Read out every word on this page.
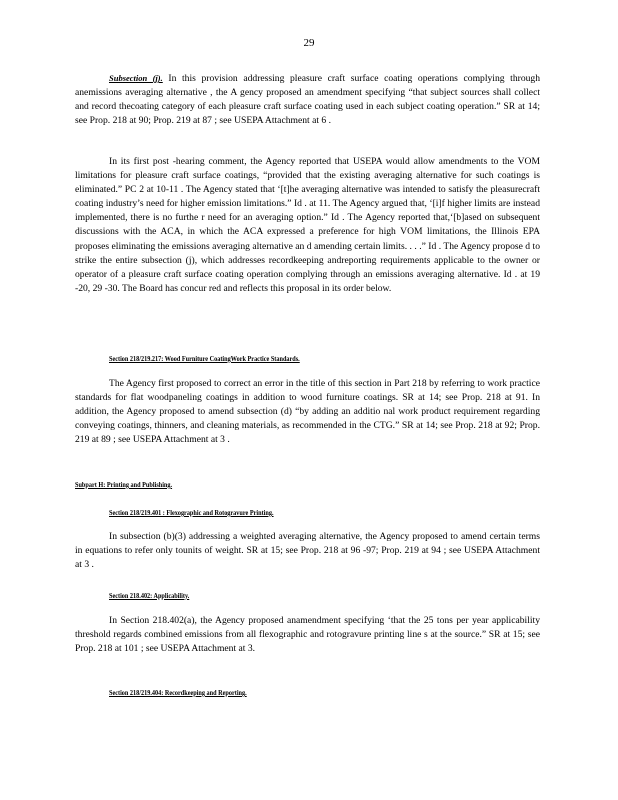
29

Subsection (j). In this provision addressing pleasure craft surface coating operations complying through anemissions averaging alternative , the A gency proposed an amendment specifying “that subject sources shall collect and record thecoating category of each pleasure craft surface coating used in each subject coating operation.” SR at 14; see Prop. 218 at 90; Prop. 219 at 87 ; see USEPA Attachment at 6 .

In its first post -hearing comment, the Agency reported that USEPA would allow amendments to the VOM limitations for pleasure craft surface coatings, “provided that the existing averaging alternative for such coatings is eliminated.” PC 2 at 10-11 . The Agency stated that ‘[t]he averaging alternative was intended to satisfy the pleasurecraft coating industry’s need for higher emission limitations.” Id . at 11. The Agency argued that, ‘[i]f higher limits are instead implemented, there is no furthe r need for an averaging option.” Id . The Agency reported that,‘[b]ased on subsequent discussions with the ACA, in which the ACA expressed a preference for high VOM limitations, the Illinois EPA proposes eliminating the emissions averaging alternative an d amending certain limits. . . .” Id . The Agency propose d to strike the entire subsection (j), which addresses recordkeeping andreporting requirements applicable to the owner or operator of a pleasure craft surface coating operation complying through an emissions averaging alternative. Id . at 19 -20, 29 -30. The Board has concur red and reflects this proposal in its order below.

Section 218/219.217: Wood Furniture CoatingWork Practice Standards.

The Agency first proposed to correct an error in the title of this section in Part 218 by referring to work practice standards for flat woodpaneling coatings in addition to wood furniture coatings. SR at 14; see Prop. 218 at 91. In addition, the Agency proposed to amend subsection (d) “by adding an additio nal work product requirement regarding conveying coatings, thinners, and cleaning materials, as recommended in the CTG.” SR at 14; see Prop. 218 at 92; Prop. 219 at 89 ; see USEPA Attachment at 3 .

Subpart H: Printing and Publishing.
Section 218/219.401 : Flexographic and Rotogravure Printing.

In subsection (b)(3) addressing a weighted averaging alternative, the Agency proposed to amend certain terms in equations to refer only tounits of weight. SR at 15; see Prop. 218 at 96 -97; Prop. 219 at 94 ; see USEPA Attachment at 3 .

Section 218.402: Applicability.

In Section 218.402(a), the Agency proposed anamendment specifying ‘that the 25 tons per year applicability threshold regards combined emissions from all flexographic and rotogravure printing line s at the source.” SR at 15; see Prop. 218 at 101 ; see USEPA Attachment at 3.

Section 218/219.404: Recordkeeping and Reporting.
